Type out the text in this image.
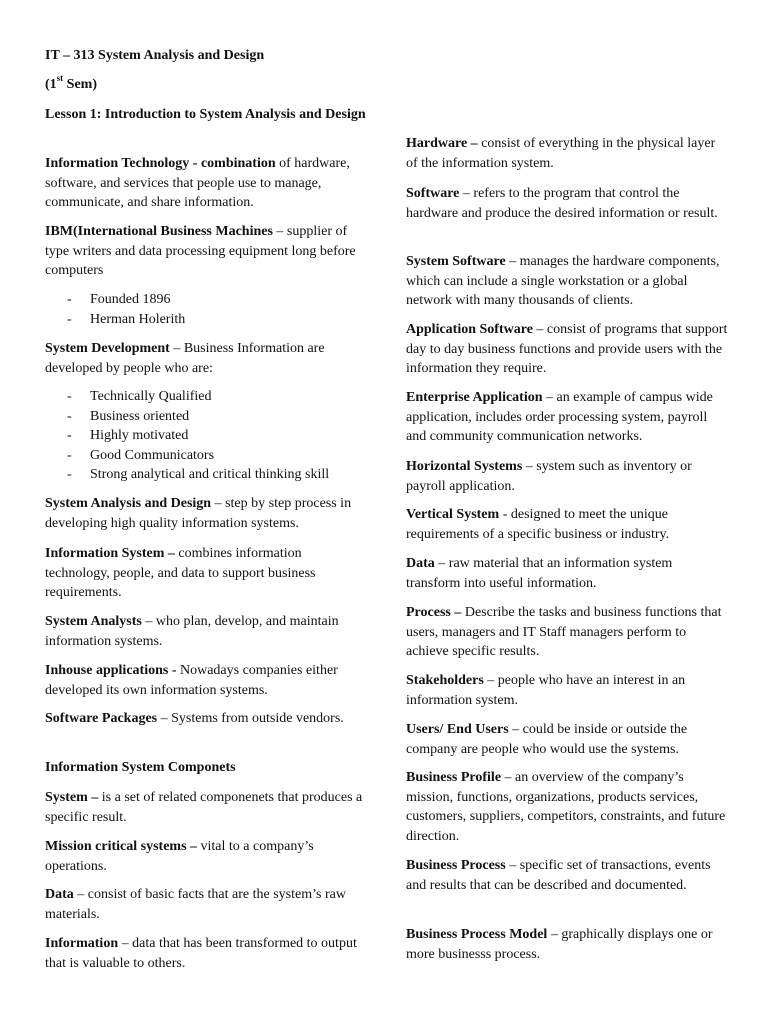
IT – 313 System Analysis and Design

(1st Sem)

Lesson 1: Introduction to System Analysis and Design

Information Technology - combination of hardware, software, and services that people use to manage, communicate, and share information.

IBM(International Business Machines – supplier of type writers and data processing equipment long before computers

- Founded 1896
- Herman Holerith

System Development – Business Information are developed by people who are:

- Technically Qualified
- Business oriented
- Highly motivated
- Good Communicators
- Strong analytical and critical thinking skill

System Analysis and Design – step by step process in developing high quality information systems.

Information System – combines information technology, people, and data to support business requirements.

System Analysts – who plan, develop, and maintain information systems.

Inhouse applications - Nowadays companies either developed its own information systems.

Software Packages – Systems from outside vendors.

Information System Componets

System – is a set of related componenets that produces a specific result.

Mission critical systems – vital to a company’s operations.

Data – consist of basic facts that are the system’s raw materials.

Information – data that has been transformed to output that is valuable to others.

Hardware – consist of everything in the physical layer of the information system.

Software – refers to the program that control the hardware and produce the desired information or result.

System Software – manages the hardware components, which can include a single workstation or a global network with many thousands of clients.

Application Software – consist of programs that support day to day business functions and provide users with the information they require.

Enterprise Application – an example of campus wide application, includes order processing system, payroll and community communication networks.

Horizontal Systems – system such as inventory or payroll application.

Vertical System - designed to meet the unique requirements of a specific business or industry.

Data – raw material that an information system transform into useful information.

Process – Describe the tasks and business functions that users, managers and IT Staff managers perform to achieve specific results.

Stakeholders – people who have an interest in an information system.

Users/ End Users – could be inside or outside the company are people who would use the systems.

Business Profile – an overview of the company’s mission, functions, organizations, products services, customers, suppliers, competitors, constraints, and future direction.

Business Process – specific set of transactions, events and results that can be described and documented.

Business Process Model – graphically displays one or more businesss process.
